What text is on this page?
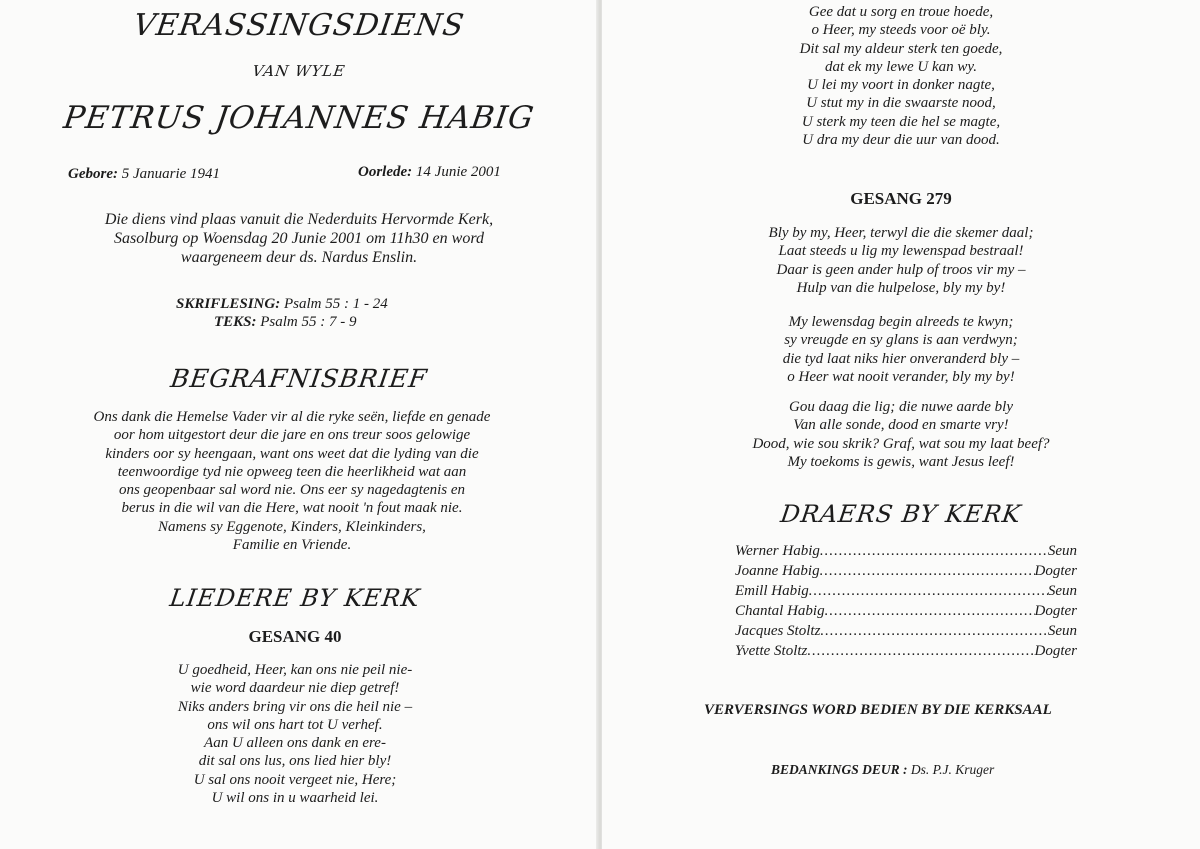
VERASSINGSDIENS
VAN WYLE
PETRUS JOHANNES HABIG
Gebore: 5 Januarie 1941	Oorlede: 14 Junie 2001
Die diens vind plaas vanuit die Nederduits Hervormde Kerk,
Sasolburg op Woensdag 20 Junie 2001 om 11h30 en word
waargeneem deur ds. Nardus Enslin.
SKRIFLESING: Psalm 55 : 1 - 24
TEKS: Psalm 55 : 7 - 9
BEGRAFNISBRIEF
Ons dank die Hemelse Vader vir al die ryke seën, liefde en genade
oor hom uitgestort deur die jare en ons treur soos gelowige
kinders oor sy heengaan, want ons weet dat die lyding van die
teenwoordige tyd nie opweeg teen die heerlikheid wat aan
ons geopenbaar sal word nie. Ons eer sy nagedagtenis en
berus in die wil van die Here, wat nooit 'n fout maak nie.
Namens sy Eggenote, Kinders, Kleinkinders,
Familie en Vriende.
LIEDERE BY KERK
GESANG 40
U goedheid, Heer, kan ons nie peil nie-
wie word daardeur nie diep getref!
Niks anders bring vir ons die heil nie –
ons wil ons hart tot U verhef.
Aan U alleen ons dank en ere-
dit sal ons lus, ons lied hier bly!
U sal ons nooit vergeet nie, Here;
U wil ons in u waarheid lei.
Gee dat u sorg en troue hoede,
o Heer, my steeds voor oë bly.
Dit sal my aldeur sterk ten goede,
dat ek my lewe U kan wy.
U lei my voort in donker nagte,
U stut my in die swaarste nood,
U sterk my teen die hel se magte,
U dra my deur die uur van dood.
GESANG 279
Bly by my, Heer, terwyl die die skemer daal;
Laat steeds u lig my lewenspad bestraal!
Daar is geen ander hulp of troos vir my –
Hulp van die hulpelose, bly my by!
My lewensdag begin alreeds te kwyn;
sy vreugde en sy glans is aan verdwyn;
die tyd laat niks hier onveranderd bly –
o Heer wat nooit verander, bly my by!
Gou daag die lig; die nuwe aarde bly
Van alle sonde, dood en smarte vry!
Dood, wie sou skrik? Graf, wat sou my laat beef?
My toekoms is gewis, want Jesus leef!
DRAERS BY KERK
Werner Habig .....	Seun
Joanne Habig .....	Dogter
Emill Habig .....	Seun
Chantal Habig .....	Dogter
Jacques Stoltz .....	Seun
Yvette Stoltz .....	Dogter
VERVERSINGS WORD BEDIEN BY DIE KERKSAAL
BEDANKINGS DEUR : Ds. P.J. Kruger
